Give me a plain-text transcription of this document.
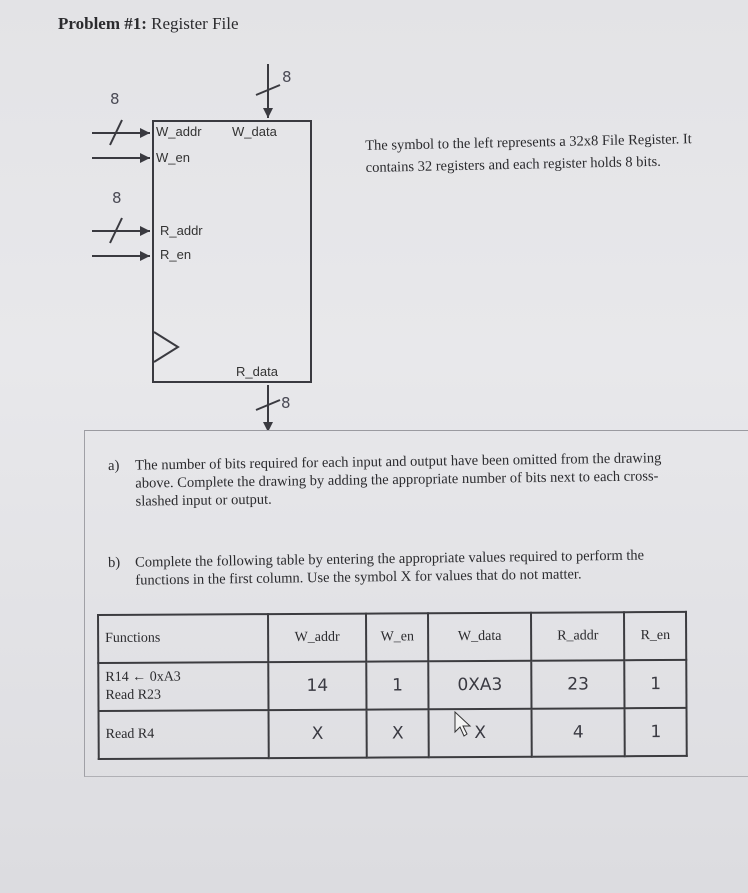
Problem #1: Register File
8
8
8
8
W_addr W_data
W_en
R_addr
R_en
R_data
The symbol to the left represents a 32x8 File Register. It contains 32 registers and each register holds 8 bits.
a) The number of bits required for each input and output have been omitted from the drawing above. Complete the drawing by adding the appropriate number of bits next to each cross-slashed input or output.
b) Complete the following table by entering the appropriate values required to perform the functions in the first column. Use the symbol X for values that do not matter.
Functions	W_addr	W_en	W_data	R_addr	R_en

R14 ← 0xA3
Read R23	14	1	0XA3	23	1

Read R4	X	X	X	4	1
